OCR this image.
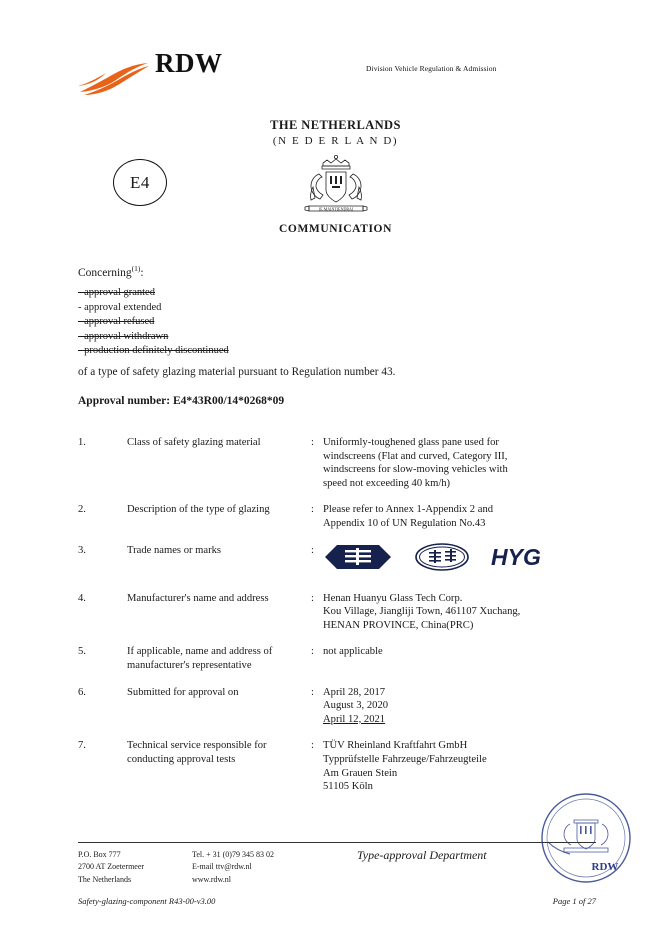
RDW	Division Vehicle Regulation & Admission
THE NETHERLANDS
(N E D E R L A N D)
E4
JE MAINTIENDRAI
COMMUNICATION
Concerning$^{(1)}$:
- approval granted
- approval extended
- approval refused
- approval withdrawn
- production definitely discontinued
of a type of safety glazing material pursuant to Regulation number 43.
Approval number: E4*43R00/14*0268*09
1.	Class of safety glazing material	: Uniformly-toughened glass pane used for
windscreens (Flat and curved, Category III,
windscreens for slow-moving vehicles with
speed not exceeding 40 km/h)
2.	Description of the type of glazing	: Please refer to Annex 1-Appendix 2 and
Appendix 10 of UN Regulation No.43
3.	Trade names or marks	:	HYG
4.	Manufacturer's name and address	: Henan Huanyu Glass Tech Corp.
Kou Village, Jiangliji Town, 461107 Xuchang,
HENAN PROVINCE, China(PRC)
5.	If applicable, name and address of manufacturer's representative
: not applicable
6.	Submitted for approval on	: April 28, 2017
August 3, 2020
April 12, 2021
7.	Technical service responsible for conducting approval tests
: TÜV Rheinland Kraftfahrt GmbH
Typprüfstelle Fahrzeuge/Fahrzeugteile
Am Grauen Stein
51105 Köln
RDW
P.O. Box 777
2700 AT Zoetermeer
The Netherlands
Tel. + 31 (0)79 345 83 02
E-mail ttv@rdw.nl
www.rdw.nl
Type-approval Department
Safety-glazing-component R43-00-v3.00	Page 1 of 27
